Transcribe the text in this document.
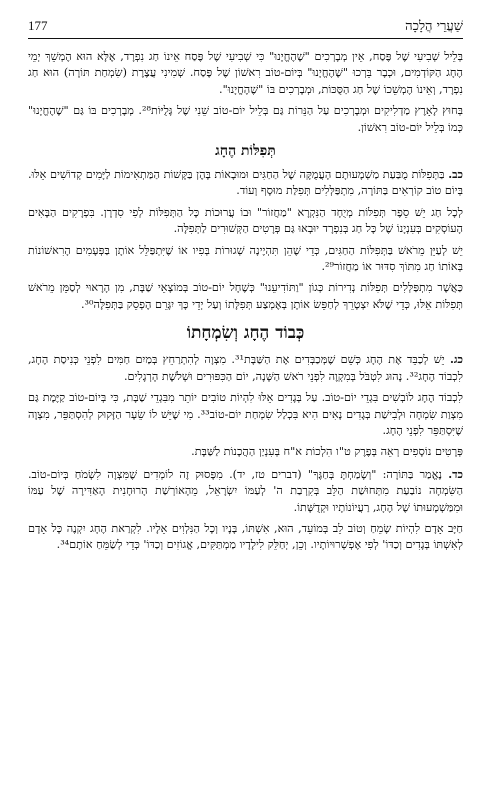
177	שַׁעֲרֵי הֲלָכָה

בְּלֵיל שְׁבִיעִי שֶׁל פֶּסַח, אֵין מְבָרְכִים "שֶׁהֶחֱיָנוּ" כִּי שְׁבִיעִי שֶׁל פֶּסַח אֵינוֹ חַג נִפְרָד, אֶלָּא הוּא הֶמְשֵׁךְ יְמֵי הֶחָג הַקּוֹדְמִים, וּכְבָר בֵּרְכוּ "שֶׁהֶחֱיָנוּ" בְּיוֹם-טוֹב רִאשׁוֹן שֶׁל פֶּסַח. שְׁמִינִי עֲצֶרֶת (שִׂמְחַת תּוֹרָה) הוּא חַג נִפְרָד, וְאֵינוֹ הֶמְשֵׁכוֹ שֶׁל חַג הַסֻּכּוֹת, וּמְבָרְכִים בּוֹ "שֶׁהֶחֱיָנוּ".

בְּחוּץ לָאָרֶץ מַדְלִיקִים וּמְבָרְכִים עַל הַנֵּרוֹת גַּם בְּלֵיל יוֹם-טוֹב שֵׁנִי שֶׁל גָּלֻיּוֹת²⁸. מְבָרְכִים בּוֹ גַּם "שֶׁהֶחֱיָנוּ" כְּמוֹ בְּלֵיל יוֹם-טוֹב רִאשׁוֹן.

תְּפִלּוֹת הֶחָג

כב. בַּתְּפִלּוֹת מֻבַּעַת מַשְׁמָעוּתָם הָעֲמֻקָּה שֶׁל הַחַגִּים וּמוּבָאוֹת בָּהֶן בַּקָּשׁוֹת הַמַּתְאִימוֹת לַיָּמִים קְדוֹשִׁים אֵלּוּ. בְּיוֹם טוֹב קוֹרְאִים בַּתּוֹרָה, מִתְפַּלְּלִים תְּפִלַּת מוּסָף וְעוֹד.

לְכָל חַג יֵשׁ סֵפֶר תְּפִלּוֹת מְיֻחָד הַנִּקְרָא "מַחֲזוֹר" וּבוֹ עֲרוּכוֹת כָּל הַתְּפִלּוֹת לְפִי סִדְרָן. בִּפְרָקִים הַבָּאִים הָעוֹסְקִים בְּעִנְיָנוֹ שֶׁל כָּל חַג בְּנִפְרָד יוּבְאוּ גַּם פְּרָטִים הַקְּשׁוּרִים לַתְּפִלָּה.

יֵשׁ לְעַיֵּן מֵרֹאשׁ בַּתְּפִלּוֹת הַחַגִּים, כְּדֵי שֶׁהֵן תִּהְיֶינָה שְׁגוּרוֹת בְּפִיו אוֹ שֶׁיִּתְפַּלֵּל אוֹתָן בַּפְּעָמִים הָרִאשׁוֹנוֹת בְּאוֹתוֹ חַג מִתּוֹךְ סִדּוּר אוֹ מַחֲזוֹר²⁹.

כַּאֲשֶׁר מִתְפַּלְּלִים תְּפִלּוֹת נְדִירוֹת כְּגוֹן "וַתּוֹדִיעֵנוּ" כְּשֶׁחָל יוֹם-טוֹב בְּמוֹצָאֵי שַׁבָּת, מִן הָרָאוּי לְסַמֵּן מֵרֹאשׁ תְּפִלּוֹת אֵלּוּ, כְּדֵי שֶׁלֹּא יִצְטָרֵךְ לְחַפֵּשׂ אוֹתָן בְּאֶמְצַע תְּפִלָּתוֹ וְעַל יְדֵי כָּךְ יִגָּרֵם הֶפְסֵק בַּתְּפִלָּה³⁰.

כְּבוֹד הֶחָג וְשִׂמְחָתוֹ

כג. יֵשׁ לְכַבֵּד אֶת הֶחָג כְּשֵׁם שֶׁמְּכַבְּדִים אֶת הַשַּׁבָּת³¹. מִצְוָה לְהִתְרַחֵץ בְּמַיִם חַמִּים לִפְנֵי כְּנִיסַת הֶחָג, לִכְבוֹד הֶחָג³². נָהוּג לִטְבֹּל בְּמִקְוֶה לִפְנֵי רֹאשׁ הַשָּׁנָה, יוֹם הַכִּפּוּרִים וּשְׁלֹשֶׁת הָרְגָלִים.

לִכְבוֹד הֶחָג לוֹבְשִׁים בִּגְדֵי יוֹם-טוֹב. עַל בְּגָדִים אֵלּוּ לִהְיוֹת טוֹבִים יוֹתֵר מִבִּגְדֵי שַׁבָּת, כִּי בְּיוֹם-טוֹב קַיֶּמֶת גַּם מִצְוַת שִׂמְחָה וּלְבִישַׁת בְּגָדִים נָאִים הִיא בִּכְלַל שִׂמְחַת יוֹם-טוֹב³³. מִי שֶׁיֵּשׁ לוֹ שֵׂעָר הַזָּקוּק לְהִסְתַּפֵּר, מִצְוָה שֶׁיִּסְתַּפֵּר לִפְנֵי הֶחָג.

פְּרָטִים נוֹסָפִים רְאֵה בְּפֶרֶק ט"ו הִלְכוֹת א"ח בְּעִנְיַן הַהֲכָנוֹת לַשַּׁבָּת.

כד. נֶאֱמַר בַּתּוֹרָה: "וְשָׂמַחְתָּ בְּחַגֶּךָ" (דברים טז, יד). מִפָּסוּק זֶה לוֹמְדִים שֶׁמִּצְוָה לִשְׂמֹחַ בְּיוֹם-טוֹב. הַשִּׂמְחָה נוֹבַעַת מִתְּחוּשַׁת הַלֵּב בְּקִרְבַת ה' לְעַמּוֹ יִשְׂרָאֵל, מֵהָאוֹרְשַׁת הָרוּחָנִית הָאַדִּירָה שֶׁל עַמּוֹ וּמִמַּשְׁמָעוּתוֹ שֶׁל הֶחָג, רַעֲיוֹנוֹתָיו וּקְדֻשָּׁתוֹ.

חַיָּב אָדָם לִהְיוֹת שָׂמֵחַ וְטוֹב לֵב בְּמוֹעֵד, הוּא, אִשְׁתּוֹ, בָּנָיו וְכָל הַנִּלְוִים אֵלָיו. לִקְרַאת הֶחָג יִקְנֶה כָּל אָדָם לְאִשְׁתּוֹ בְּגָדִים וְכַדּוֹ' לְפִי אֶפְשְׁרוּיוֹתָיו. וְכֵן, יְחַלֵּק לִילָדָיו מַמְתַּקִּים, אֱגוֹזִים וְכַדּוֹ' כְּדֵי לְשַׂמֵּחַ אוֹתָם³⁴.
